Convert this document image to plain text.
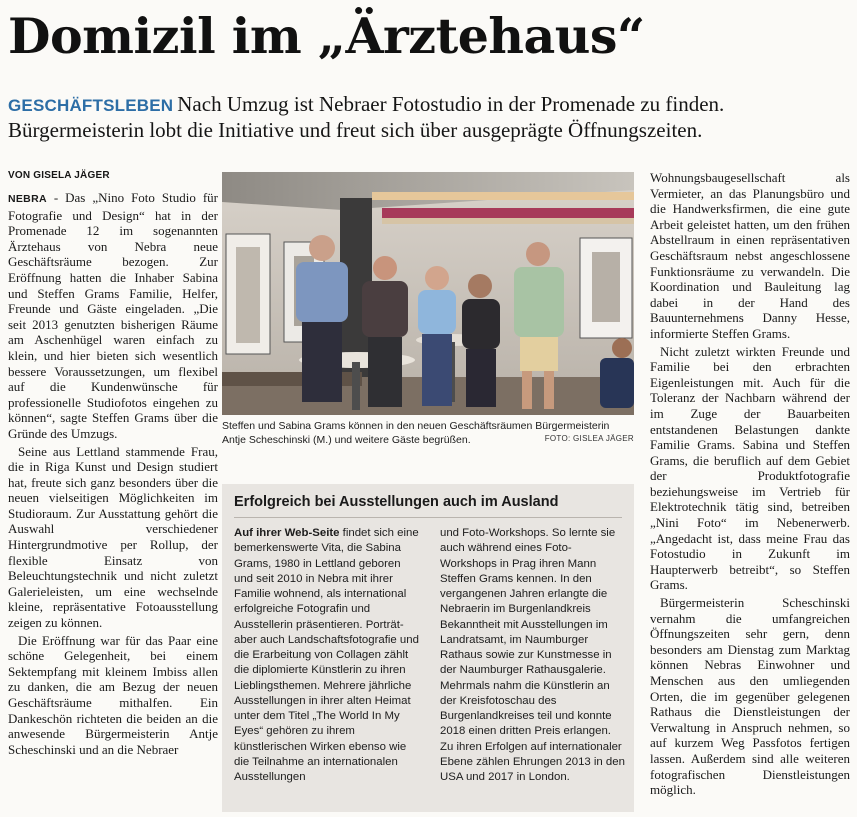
Domizil im „Ärztehaus“
GESCHÄFTSLEBEN Nach Umzug ist Nebraer Fotostudio in der Promenade zu finden. Bürgermeisterin lobt die Initiative und freut sich über ausgeprägte Öffnungszeiten.
VON GISELA JÄGER

NEBRA - Das „Nino Foto Studio für Fotografie und Design“ hat in der Promenade 12 im sogenannten Ärztehaus von Nebra neue Geschäftsräume bezogen. Zur Eröffnung hatten die Inhaber Sabina und Steffen Grams Familie, Helfer, Freunde und Gäste eingeladen. „Die seit 2013 genutzten bisherigen Räume am Aschenhügel waren einfach zu klein, und hier bieten sich wesentlich bessere Voraussetzungen, um flexibel auf die Kundenwünsche für professionelle Studiofotos eingehen zu können“, sagte Steffen Grams über die Gründe des Umzugs.

Seine aus Lettland stammende Frau, die in Riga Kunst und Design studiert hat, freute sich ganz besonders über die neuen vielseitigen Möglichkeiten im Studioraum. Zur Ausstattung gehört die Auswahl verschiedener Hintergrundmotive per Rollup, der flexible Einsatz von Beleuchtungstechnik und nicht zuletzt Galerieleisten, um eine wechselnde kleine, repräsentative Fotoausstellung zeigen zu können.

Die Eröffnung war für das Paar eine schöne Gelegenheit, bei einem Sektempfang mit kleinem Imbiss allen zu danken, die am Bezug der neuen Geschäftsräume mithalfen. Ein Dankeschön richteten die beiden an die anwesende Bürgermeisterin Antje Scheschinski und an die Nebraer

Steffen und Sabina Grams können in den neuen Geschäftsräumen Bürgermeisterin Antje Scheschinski (M.) und weitere Gäste begrüßen.	FOTO: GISLEA JÄGER
Erfolgreich bei Ausstellungen auch im Ausland
Auf ihrer Web-Seite findet sich eine bemerkenswerte Vita, die Sabina Grams, 1980 in Lettland geboren und seit 2010 in Nebra mit ihrer Familie wohnend, als international erfolgreiche Fotografin und Ausstellerin präsentieren. Porträt- aber auch Landschaftsfotografie und die Erarbeitung von Collagen zählt die diplomierte Künstlerin zu ihren Lieblingsthemen. Mehrere jährliche Ausstellungen in ihrer alten Heimat unter dem Titel „The World In My Eyes“ gehören zu ihrem künstlerischen Wirken ebenso wie die Teilnahme an internationalen Ausstellungen
und Foto-Workshops. So lernte sie auch während eines Foto-Workshops in Prag ihren Mann Steffen Grams kennen. In den vergangenen Jahren erlangte die Nebraerin im Burgenlandkreis Bekanntheit mit Ausstellungen im Landratsamt, im Naumburger Rathaus sowie zur Kunstmesse in der Naumburger Rathausgalerie. Mehrmals nahm die Künstlerin an der Kreisfotoschau des Burgenlandkreises teil und konnte 2018 einen dritten Preis erlangen. Zu ihren Erfolgen auf internationaler Ebene zählen Ehrungen 2013 in den USA und 2017 in London.

Wohnungsbaugesellschaft als Vermieter, an das Planungsbüro und die Handwerksfirmen, die eine gute Arbeit geleistet hatten, um den frühen Abstellraum in einen repräsentativen Geschäftsraum nebst angeschlossene Funktionsräume zu verwandeln. Die Koordination und Bauleitung lag dabei in der Hand des Bauunternehmens Danny Hesse, informierte Steffen Grams.

Nicht zuletzt wirkten Freunde und Familie bei den erbrachten Eigenleistungen mit. Auch für die Toleranz der Nachbarn während der im Zuge der Bauarbeiten entstandenen Belastungen dankte Familie Grams. Sabina und Steffen Grams, die beruflich auf dem Gebiet der Produktfotografie beziehungsweise im Vertrieb für Elektrotechnik tätig sind, betreiben „Nini Foto“ im Nebenerwerb. „Angedacht ist, dass meine Frau das Fotostudio in Zukunft im Haupterwerb betreibt“, so Steffen Grams.

Bürgermeisterin Scheschinski vernahm die umfangreichen Öffnungszeiten sehr gern, denn besonders am Dienstag zum Marktag können Nebras Einwohner und Menschen aus den umliegenden Orten, die im gegenüber gelegenen Rathaus die Dienstleistungen der Verwaltung in Anspruch nehmen, so auf kurzem Weg Passfotos fertigen lassen. Außerdem sind alle weiteren fotografischen Dienstleistungen möglich.
